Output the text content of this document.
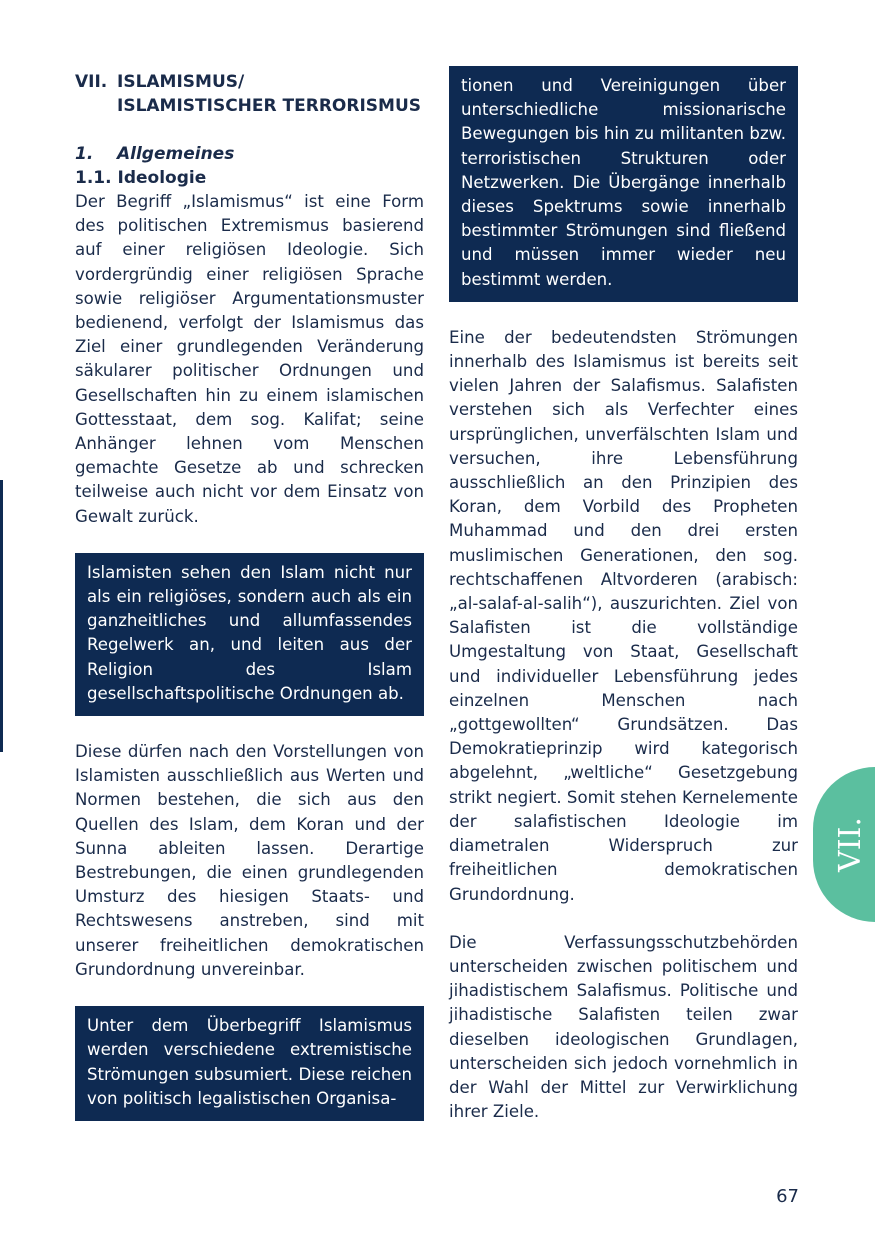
VII. ISLAMISMUS/
ISLAMISTISCHER TERRORISMUS
1. Allgemeines
1.1. Ideologie

Der Begriff „Islamismus“ ist eine Form des politischen Extremismus basierend auf einer religiösen Ideologie. Sich vordergründig einer religiösen Sprache sowie religiöser Argumentationsmuster bedienend, verfolgt der Islamismus das Ziel einer grundlegenden Veränderung säkularer politischer Ordnungen und Gesellschaften hin zu einem islamischen Gottesstaat, dem sog. Kalifat; seine Anhänger lehnen vom Menschen gemachte Gesetze ab und schrecken teilweise auch nicht vor dem Einsatz von Gewalt zurück.

Islamisten sehen den Islam nicht nur als ein religiöses, sondern auch als ein ganzheitliches und allumfassendes Regelwerk an, und leiten aus der Religion des Islam gesellschaftspolitische Ordnungen ab.

Diese dürfen nach den Vorstellungen von Islamisten ausschließlich aus Werten und Normen bestehen, die sich aus den Quellen des Islam, dem Koran und der Sunna ableiten lassen. Derartige Bestrebungen, die einen grundlegenden Umsturz des hiesigen Staats- und Rechtswesens anstreben, sind mit unserer freiheitlichen demokratischen Grundordnung unvereinbar.

Unter dem Überbegriff Islamismus werden verschiedene extremistische Strömungen subsumiert. Diese reichen von politisch legalistischen Organisa-

tionen und Vereinigungen über unterschiedliche missionarische Bewegungen bis hin zu militanten bzw. terroristischen Strukturen oder Netzwerken. Die Übergänge innerhalb dieses Spektrums sowie innerhalb bestimmter Strömungen sind fließend und müssen immer wieder neu bestimmt werden.

Eine der bedeutendsten Strömungen innerhalb des Islamismus ist bereits seit vielen Jahren der Salafismus. Salafisten verstehen sich als Verfechter eines ursprünglichen, unverfälschten Islam und versuchen, ihre Lebensführung ausschließlich an den Prinzipien des Koran, dem Vorbild des Propheten Muhammad und den drei ersten muslimischen Generationen, den sog. rechtschaffenen Altvorderen (arabisch: „al-salaf-al-salih“), auszurichten. Ziel von Salafisten ist die vollständige Umgestaltung von Staat, Gesellschaft und individueller Lebensführung jedes einzelnen Menschen nach „gottgewollten“ Grundsätzen. Das Demokratieprinzip wird kategorisch abgelehnt, „weltliche“ Gesetzgebung strikt negiert. Somit stehen Kernelemente der salafistischen Ideologie im diametralen Widerspruch zur freiheitlichen demokratischen Grundordnung.

Die Verfassungsschutzbehörden unterscheiden zwischen politischem und jihadistischem Salafismus. Politische und jihadistische Salafisten teilen zwar dieselben ideologischen Grundlagen, unterscheiden sich jedoch vornehmlich in der Wahl der Mittel zur Verwirklichung ihrer Ziele.

VII.
67
